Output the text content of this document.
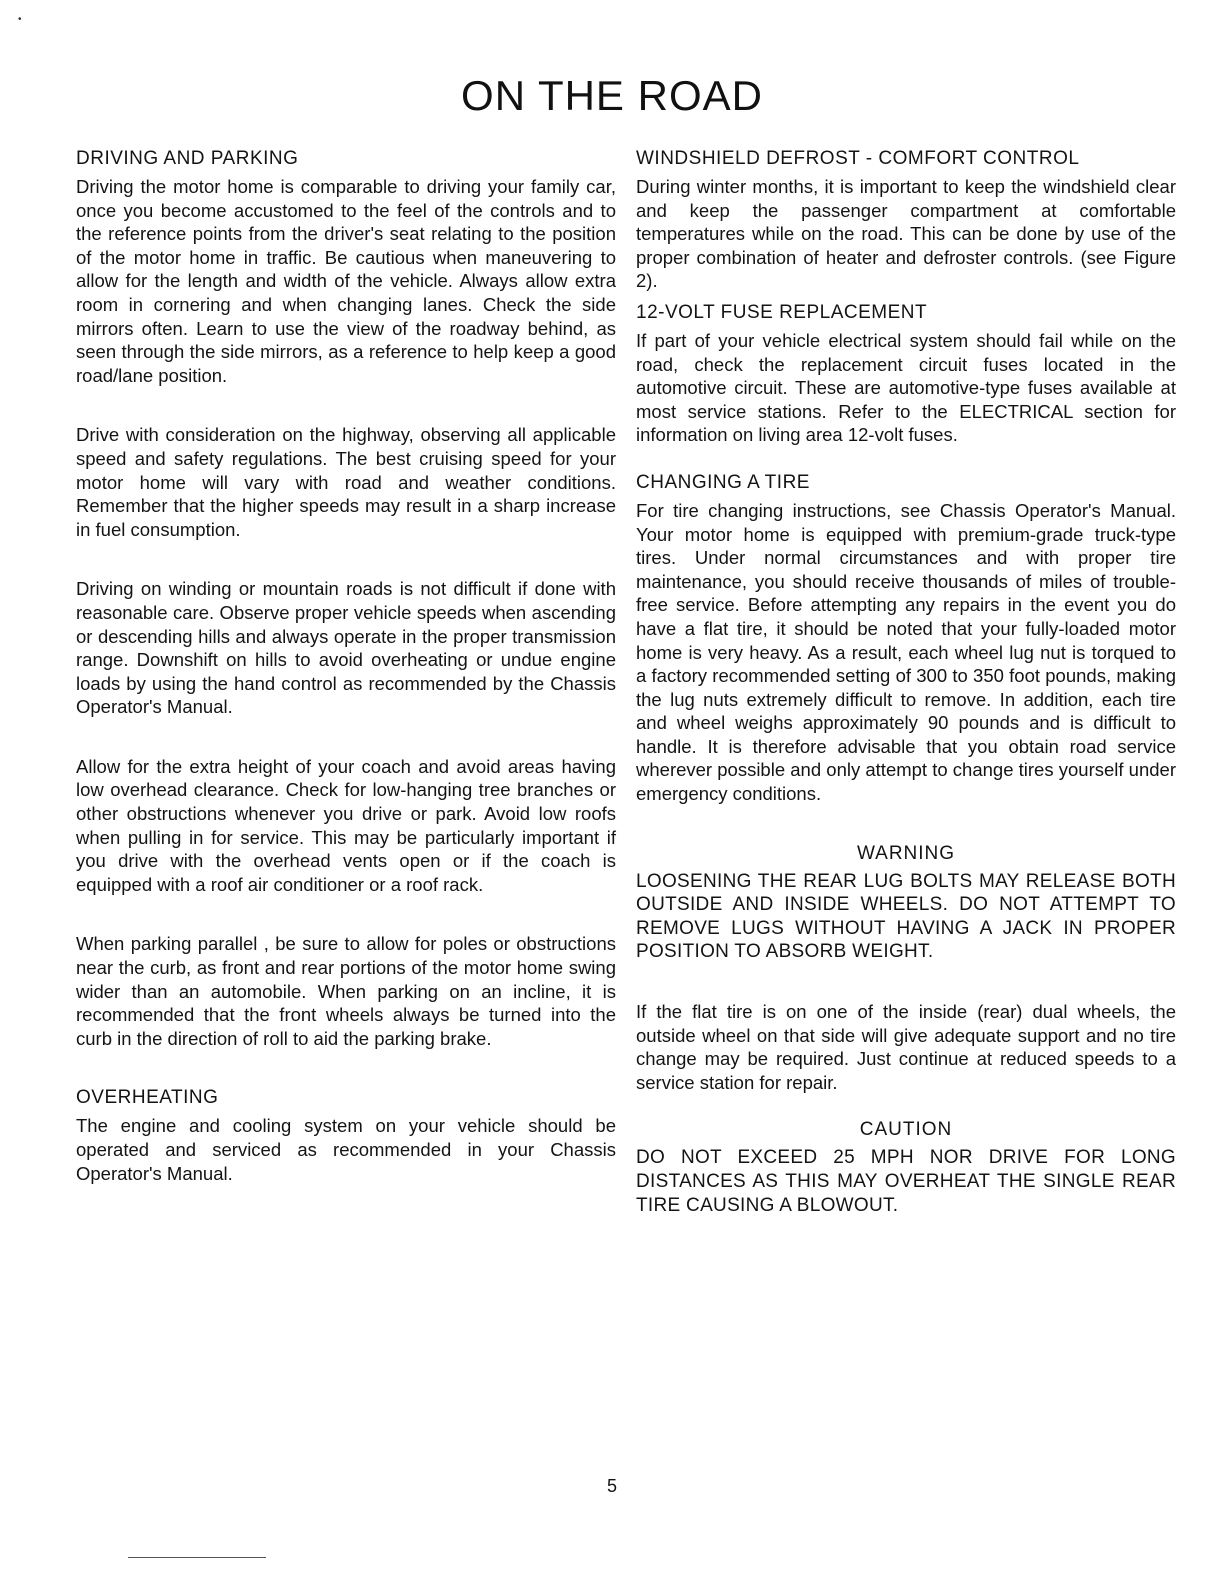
•
ON THE ROAD
DRIVING AND PARKING

Driving the motor home is comparable to driving your family car, once you become accustomed to the feel of the controls and to the reference points from the driver's seat relating to the position of the motor home in traffic. Be cautious when maneuvering to allow for the length and width of the vehicle. Always allow extra room in cornering and when changing lanes. Check the side mirrors often. Learn to use the view of the roadway behind, as seen through the side mirrors, as a reference to help keep a good road/lane position.

Drive with consideration on the highway, observing all applicable speed and safety regulations. The best cruising speed for your motor home will vary with road and weather conditions. Remember that the higher speeds may result in a sharp increase in fuel consumption.

Driving on winding or mountain roads is not difficult if done with reasonable care. Observe proper vehicle speeds when ascending or descending hills and always operate in the proper transmission range. Downshift on hills to avoid overheating or undue engine loads by using the hand control as recommended by the Chassis Operator's Manual.

Allow for the extra height of your coach and avoid areas having low overhead clearance. Check for low-hanging tree branches or other obstructions whenever you drive or park. Avoid low roofs when pulling in for service. This may be particularly important if you drive with the overhead vents open or if the coach is equipped with a roof air conditioner or a roof rack.

When parking parallel , be sure to allow for poles or obstructions near the curb, as front and rear portions of the motor home swing wider than an automobile. When parking on an incline, it is recommended that the front wheels always be turned into the curb in the direction of roll to aid the parking brake.

OVERHEATING

The engine and cooling system on your vehicle should be operated and serviced as recommended in your Chassis Operator's Manual.

WINDSHIELD DEFROST - COMFORT CONTROL

During winter months, it is important to keep the windshield clear and keep the passenger compartment at comfortable temperatures while on the road. This can be done by use of the proper combination of heater and defroster controls. (see Figure 2).

12-VOLT FUSE REPLACEMENT

If part of your vehicle electrical system should fail while on the road, check the replacement circuit fuses located in the automotive circuit. These are automotive-type fuses available at most service stations. Refer to the ELECTRICAL section for information on living area 12-volt fuses.

CHANGING A TIRE

For tire changing instructions, see Chassis Operator's Manual. Your motor home is equipped with premium-grade truck-type tires. Under normal circumstances and with proper tire maintenance, you should receive thousands of miles of trouble-free service. Before attempting any repairs in the event you do have a flat tire, it should be noted that your fully-loaded motor home is very heavy. As a result, each wheel lug nut is torqued to a factory recommended setting of 300 to 350 foot pounds, making the lug nuts extremely difficult to remove. In addition, each tire and wheel weighs approximately 90 pounds and is difficult to handle. It is therefore advisable that you obtain road service wherever possible and only attempt to change tires yourself under emergency conditions.

WARNING

LOOSENING THE REAR LUG BOLTS MAY RELEASE BOTH OUTSIDE AND INSIDE WHEELS. DO NOT ATTEMPT TO REMOVE LUGS WITHOUT HAVING A JACK IN PROPER POSITION TO ABSORB WEIGHT.

If the flat tire is on one of the inside (rear) dual wheels, the outside wheel on that side will give adequate support and no tire change may be required. Just continue at reduced speeds to a service station for repair.

CAUTION

DO NOT EXCEED 25 MPH NOR DRIVE FOR LONG DISTANCES AS THIS MAY OVERHEAT THE SINGLE REAR TIRE CAUSING A BLOWOUT.

5
